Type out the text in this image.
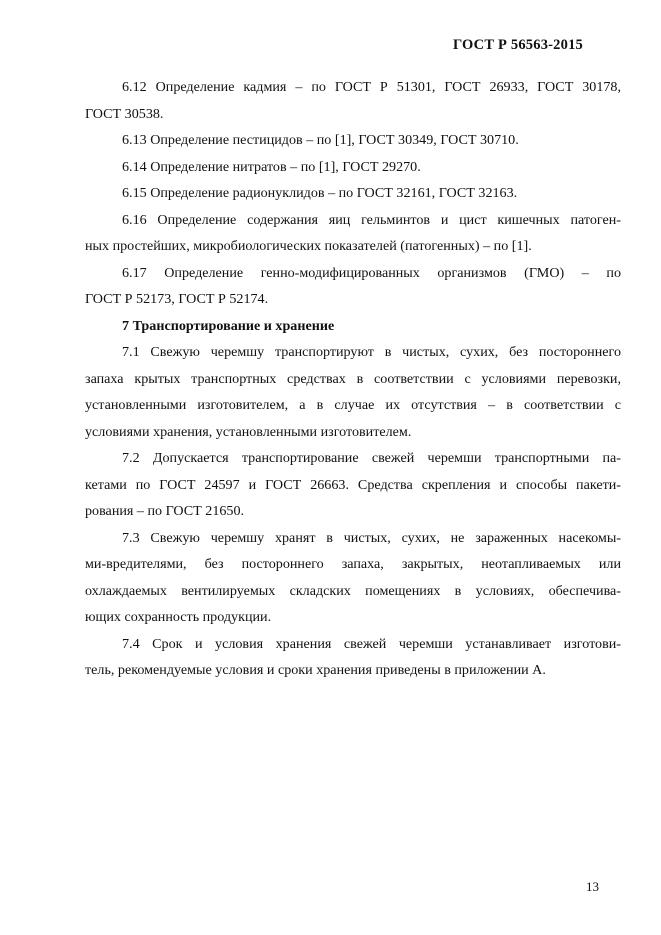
ГОСТ Р 56563-2015

6.12 Определение кадмия – по ГОСТ Р 51301, ГОСТ 26933, ГОСТ 30178,
ГОСТ 30538.

6.13 Определение пестицидов – по [1], ГОСТ 30349, ГОСТ 30710.

6.14 Определение нитратов – по [1], ГОСТ 29270.

6.15 Определение радионуклидов – по ГОСТ 32161, ГОСТ 32163.

6.16 Определение содержания яиц гельминтов и цист кишечных патоген-
ных простейших, микробиологических показателей (патогенных) – по [1].

6.17 Определение генно-модифицированных организмов (ГМО) – по
ГОСТ Р 52173, ГОСТ Р 52174.

7 Транспортирование и хранение

7.1 Свежую черемшу транспортируют в чистых, сухих, без постороннего
запаха крытых транспортных средствах в соответствии с условиями перевозки,
установленными изготовителем, а в случае их отсутствия – в соответствии с
условиями хранения, установленными изготовителем.

7.2 Допускается транспортирование свежей черемши транспортными па-
кетами по ГОСТ 24597 и ГОСТ 26663. Средства скрепления и способы пакети-
рования – по ГОСТ 21650.

7.3 Свежую черемшу хранят в чистых, сухих, не зараженных насекомы-
ми-вредителями, без постороннего запаха, закрытых, неотапливаемых или
охлаждаемых вентилируемых складских помещениях в условиях, обеспечива-
ющих сохранность продукции.

7.4 Срок и условия хранения свежей черемши устанавливает изготови-
тель, рекомендуемые условия и сроки хранения приведены в приложении А.

13
